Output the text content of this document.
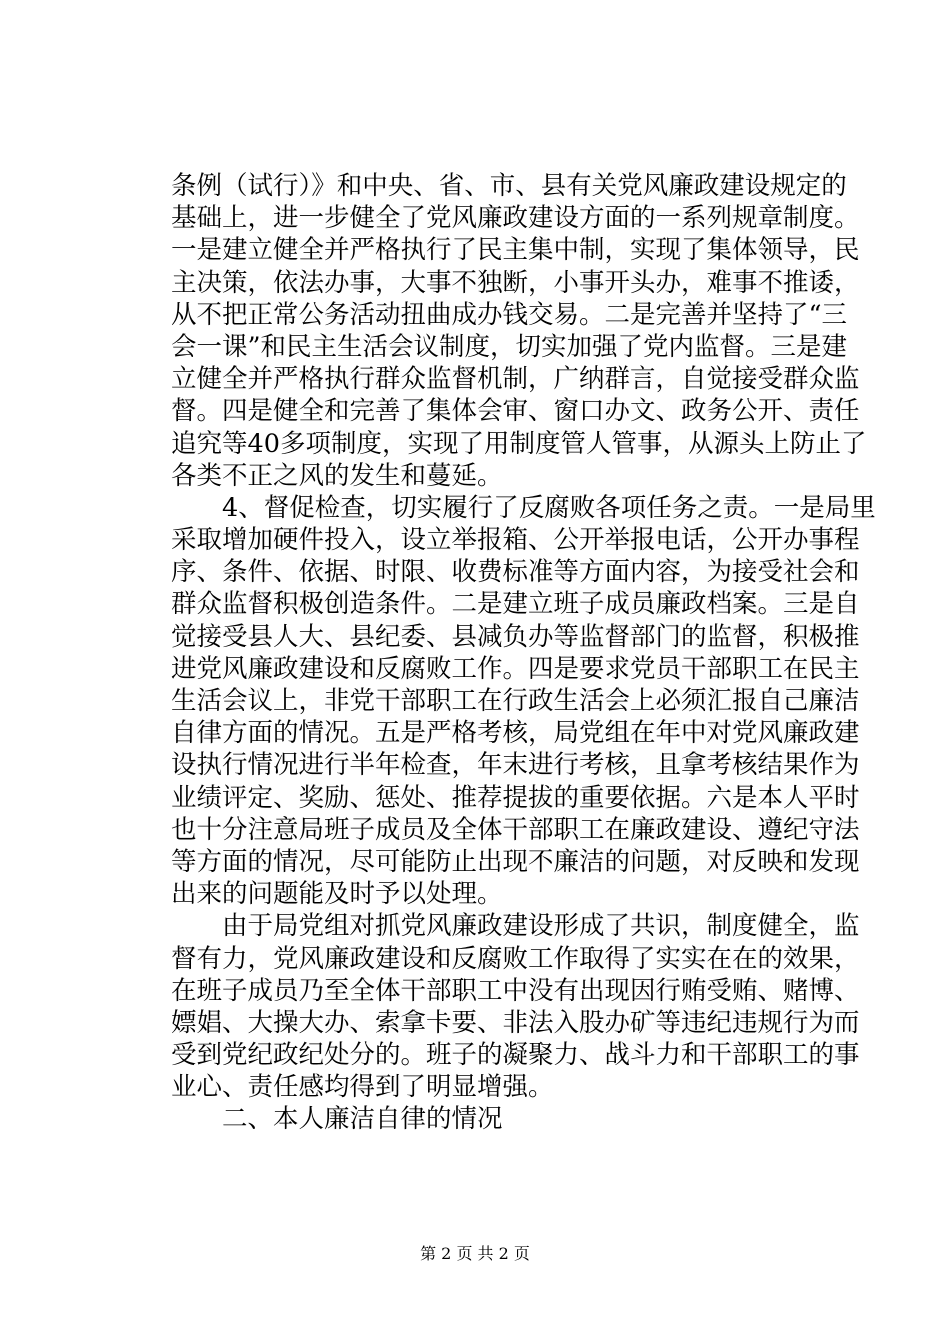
条例（试行）》和中央、省、市、县有关党风廉政建设规定的
基础上，进一步健全了党风廉政建设方面的一系列规章制度。
一是建立健全并严格执行了民主集中制，实现了集体领导，民
主决策，依法办事，大事不独断，小事开头办，难事不推诿，
从不把正常公务活动扭曲成办钱交易。二是完善并坚持了“三
会一课”和民主生活会议制度，切实加强了党内监督。三是建
立健全并严格执行群众监督机制，广纳群言，自觉接受群众监
督。四是健全和完善了集体会审、窗口办文、政务公开、责任
追究等40多项制度，实现了用制度管人管事，从源头上防止了
各类不正之风的发生和蔓延。
　　4、督促检查，切实履行了反腐败各项任务之责。一是局里
采取增加硬件投入，设立举报箱、公开举报电话，公开办事程
序、条件、依据、时限、收费标准等方面内容，为接受社会和
群众监督积极创造条件。二是建立班子成员廉政档案。三是自
觉接受县人大、县纪委、县减负办等监督部门的监督，积极推
进党风廉政建设和反腐败工作。四是要求党员干部职工在民主
生活会议上，非党干部职工在行政生活会上必须汇报自己廉洁
自律方面的情况。五是严格考核，局党组在年中对党风廉政建
设执行情况进行半年检查，年末进行考核，且拿考核结果作为
业绩评定、奖励、惩处、推荐提拔的重要依据。六是本人平时
也十分注意局班子成员及全体干部职工在廉政建设、遵纪守法
等方面的情况，尽可能防止出现不廉洁的问题，对反映和发现
出来的问题能及时予以处理。
　　由于局党组对抓党风廉政建设形成了共识，制度健全，监
督有力，党风廉政建设和反腐败工作取得了实实在在的效果，
在班子成员乃至全体干部职工中没有出现因行贿受贿、赌博、
嫖娼、大操大办、索拿卡要、非法入股办矿等违纪违规行为而
受到党纪政纪处分的。班子的凝聚力、战斗力和干部职工的事
业心、责任感均得到了明显增强。
　　二、本人廉洁自律的情况
第 2 页 共 2 页
